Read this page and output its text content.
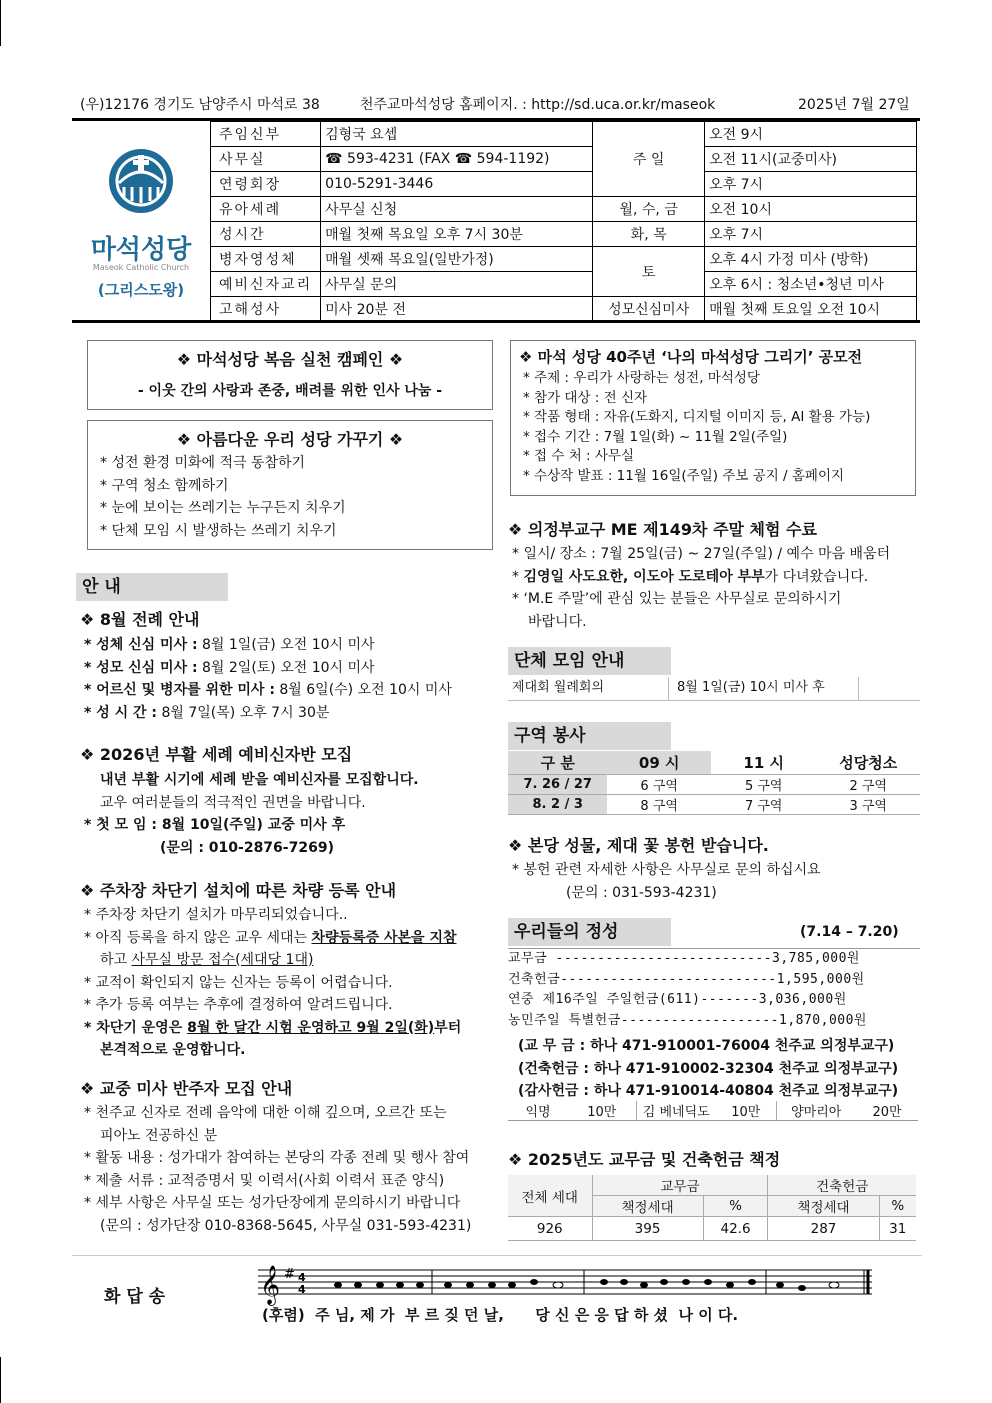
(우)12176 경기도 남양주시 마석로 38	천주교마석성당 홈페이지. : http://sd.uca.or.kr/maseok	2025년 7월 27일
마석성당
Maseok Catholic Church
(그리스도왕)
주임신부	김형국 요셉	주 일	오전 9시
사무실	☎ 593-4231 (FAX ☎ 594-1192)		오전 11시(교중미사)
연령회장	010-5291-3446		오후 7시
유아세례	사무실 신청	월, 수, 금	오전 10시
성시간	매월 첫째 목요일 오후 7시 30분	화, 목	오후 7시
병자영성체	매월 셋째 목요일(일반가정)	토	오후 4시 가정 미사 (방학)
예비신자교리	사무실 문의		오후 6시 : 청소년•청년 미사
고해성사	미사 20분 전	성모신심미사	매월 첫째 토요일 오전 10시
❖ 마석성당 복음 실천 캠페인 ❖
- 이웃 간의 사랑과 존중, 배려를 위한 인사 나눔 -
❖ 아름다운 우리 성당 가꾸기 ❖
* 성전 환경 미화에 적극 동참하기
* 구역 청소 함께하기
* 눈에 보이는 쓰레기는 누구든지 치우기
* 단체 모임 시 발생하는 쓰레기 치우기
❖ 마석 성당 40주년 ‘나의 마석성당 그리기’ 공모전
* 주제 : 우리가 사랑하는 성전, 마석성당
* 참가 대상 : 전 신자
* 작품 형태 : 자유(도화지, 디지털 이미지 등, AI 활용 가능)
* 접수 기간 : 7월 1일(화) ~ 11월 2일(주일)
* 접 수 처 : 사무실
* 수상작 발표 : 11월 16일(주일) 주보 공지 / 홈페이지
안 내
❖ 8월 전례 안내
* 성체 신심 미사 : 8월 1일(금) 오전 10시 미사
* 성모 신심 미사 : 8월 2일(토) 오전 10시 미사
* 어르신 및 병자를 위한 미사 : 8월 6일(수) 오전 10시 미사
* 성 시 간 : 8월 7일(목) 오후 7시 30분
❖ 2026년 부활 세례 예비신자반 모집
내년 부활 시기에 세례 받을 예비신자를 모집합니다.
교우 여러분들의 적극적인 권면을 바랍니다.
* 첫 모 임 : 8월 10일(주일) 교중 미사 후
(문의 : 010-2876-7269)
❖ 주차장 차단기 설치에 따른 차량 등록 안내
* 주차장 차단기 설치가 마무리되었습니다..
* 아직 등록을 하지 않은 교우 세대는 차량등록증 사본을 지참
하고 사무실 방문 접수(세대당 1대)
* 교적이 확인되지 않는 신자는 등록이 어렵습니다.
* 추가 등록 여부는 추후에 결정하여 알려드립니다.
* 차단기 운영은 8월 한 달간 시험 운영하고 9월 2일(화)부터
본격적으로 운영합니다.
❖ 교중 미사 반주자 모집 안내
* 천주교 신자로 전례 음악에 대한 이해 깊으며, 오르간 또는
피아노 전공하신 분
* 활동 내용 : 성가대가 참여하는 본당의 각종 전례 및 행사 참여
* 제출 서류 : 교적증명서 및 이력서(사회 이력서 표준 양식)
* 세부 사항은 사무실 또는 성가단장에게 문의하시기 바랍니다
(문의 : 성가단장 010-8368-5645, 사무실 031-593-4231)
❖ 의정부교구 ME 제149차 주말 체험 수료
* 일시/ 장소 : 7월 25일(금) ~ 27일(주일) / 예수 마음 배움터
* 김영일 사도요한, 이도아 도로테아 부부가 다녀왔습니다.
* ‘M.E 주말’에 관심 있는 분들은 사무실로 문의하시기
바랍니다.
단체 모임 안내
제대회 월례회의	8월 1일(금) 10시 미사 후
구역 봉사
구 분	09 시	11 시	성당청소
7. 26 / 27	6 구역	5 구역	2 구역
8. 2 / 3	8 구역	7 구역	3 구역
❖ 본당 성물, 제대 꽃 봉헌 받습니다.
* 봉헌 관련 자세한 사항은 사무실로 문의 하십시요
(문의 : 031-593-4231)
우리들의 정성	(7.14 – 7.20)
교무금 --------------------------3,785,000원
건축헌금--------------------------1,595,000원
연중 제16주일 주일헌금(611)-------3,036,000원
농민주일 특별헌금-------------------1,870,000원
(교 무 금 : 하나 471-910001-76004 천주교 의정부교구)
(건축헌금 : 하나 471-910002-32304 천주교 의정부교구)
(감사헌금 : 하나 471-910014-40804 천주교 의정부교구)
익명	10만	김 베네딕도	10만	양마리아	20만
❖ 2025년도 교무금 및 건축헌금 책정
전체 세대	교무금		건축헌금	
	책정세대	%	책정세대	%
926	395	42.6	287	31
화 답 송	𝄞 # 4
4
(후렴)  주 님, 제 가  부 르 짖 던 날,      당 신 은 응 답 하 셨  나 이 다.
